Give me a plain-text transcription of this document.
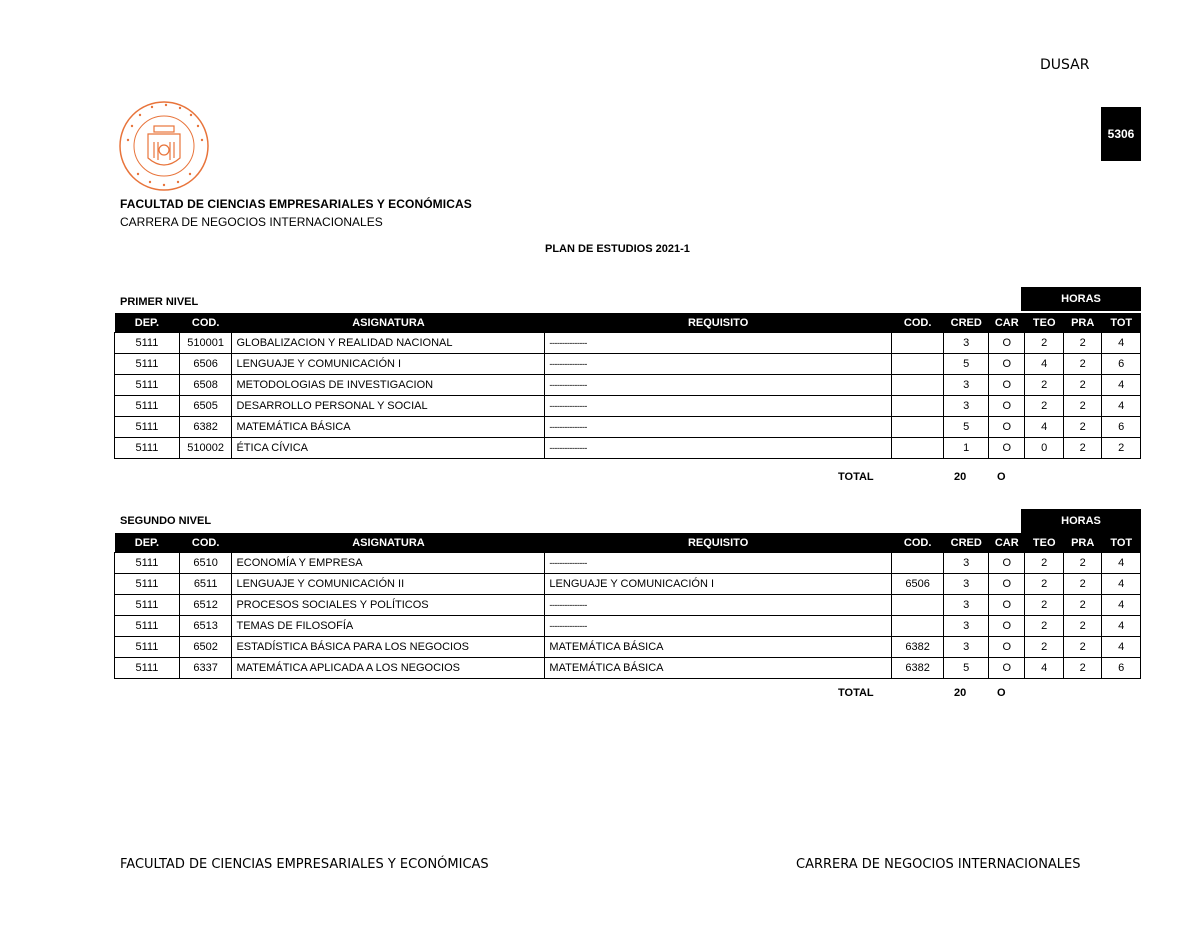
DUSAR
5306
FACULTAD DE CIENCIAS EMPRESARIALES Y ECONÓMICAS
CARRERA DE NEGOCIOS INTERNACIONALES
PLAN DE ESTUDIOS 2021-1
PRIMER NIVEL	HORAS
DEP.	COD.	ASIGNATURA	REQUISITO	COD.	CRED	CAR	TEO	PRA	TOT
5111	510001	GLOBALIZACION Y REALIDAD NACIONAL	---------------		3	O	2	2	4
5111	6506	LENGUAJE Y COMUNICACIÓN I	---------------		5	O	4	2	6
5111	6508	METODOLOGIAS DE INVESTIGACION	---------------		3	O	2	2	4
5111	6505	DESARROLLO PERSONAL Y SOCIAL	---------------		3	O	2	2	4
5111	6382	MATEMÁTICA BÁSICA	---------------		5	O	4	2	6
5111	510002	ÉTICA CÍVICA	---------------		1	O	0	2	2
TOTAL	20	O
SEGUNDO NIVEL	HORAS
DEP.	COD.	ASIGNATURA	REQUISITO	COD.	CRED	CAR	TEO	PRA	TOT
5111	6510	ECONOMÍA Y EMPRESA	---------------		3	O	2	2	4
5111	6511	LENGUAJE Y COMUNICACIÓN II	LENGUAJE Y COMUNICACIÓN I	6506	3	O	2	2	4
5111	6512	PROCESOS SOCIALES Y POLÍTICOS	---------------		3	O	2	2	4
5111	6513	TEMAS DE FILOSOFÍA	---------------		3	O	2	2	4
5111	6502	ESTADÍSTICA BÁSICA PARA LOS NEGOCIOS	MATEMÁTICA BÁSICA	6382	3	O	2	2	4
5111	6337	MATEMÁTICA APLICADA A LOS NEGOCIOS	MATEMÁTICA BÁSICA	6382	5	O	4	2	6
TOTAL	20	O
FACULTAD DE CIENCIAS EMPRESARIALES Y ECONÓMICAS	CARRERA DE NEGOCIOS INTERNACIONALES
